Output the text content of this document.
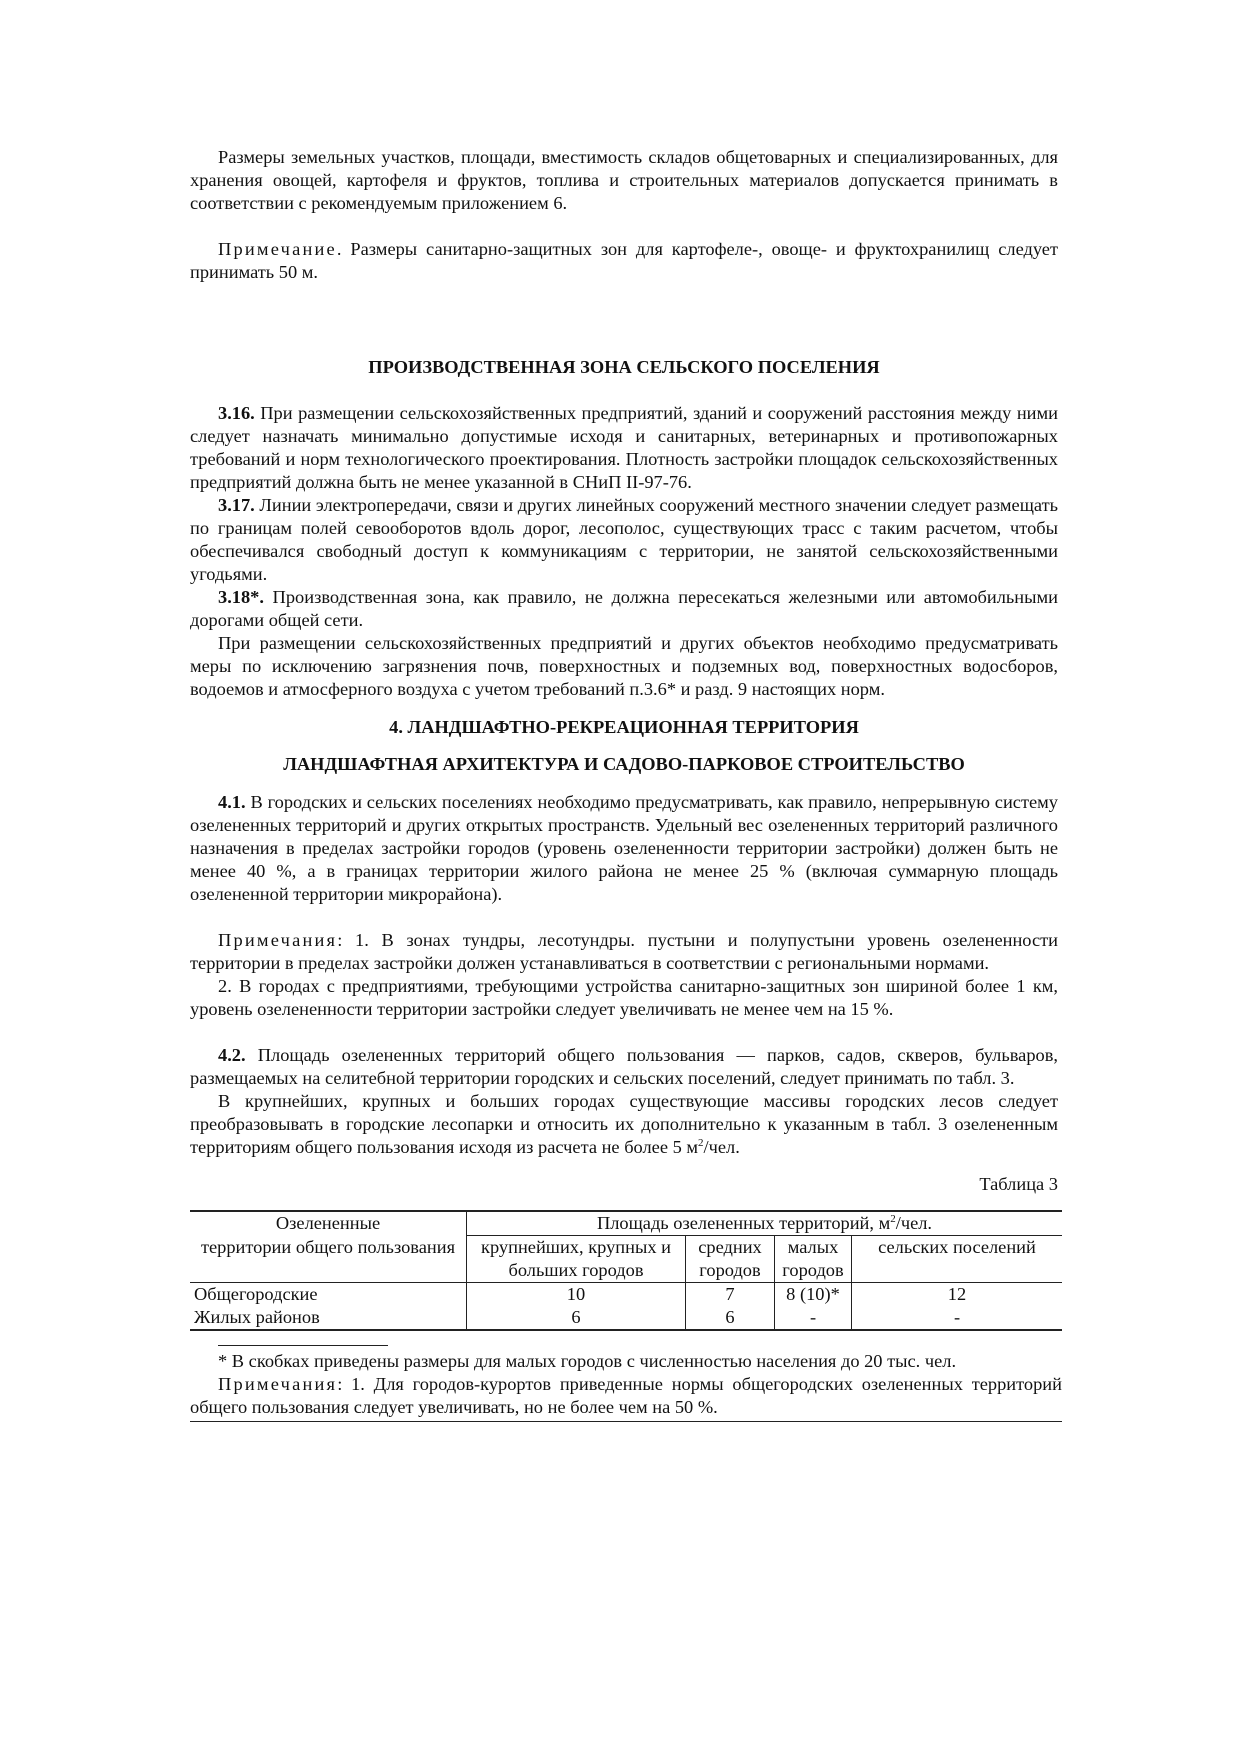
Размеры земельных участков, площади, вместимость складов общетоварных и специализированных, для хранения овощей, картофеля и фруктов, топлива и строительных материалов допускается принимать в соответствии с рекомендуемым приложением 6.

Примечание. Размеры санитарно-защитных зон для картофеле-, овоще- и фруктохранилищ следует принимать 50 м.

ПРОИЗВОДСТВЕННАЯ ЗОНА СЕЛЬСКОГО ПОСЕЛЕНИЯ

3.16. При размещении сельскохозяйственных предприятий, зданий и сооружений расстояния между ними следует назначать минимально допустимые исходя и санитарных, ветеринарных и противопожарных требований и норм технологического проектирования. Плотность застройки площадок сельскохозяйственных предприятий должна быть не менее указанной в СНиП II-97-76.

3.17. Линии электропередачи, связи и других линейных сооружений местного значении следует размещать по границам полей севооборотов вдоль дорог, лесополос, существующих трасс с таким расчетом, чтобы обеспечивался свободный доступ к коммуникациям с территории, не занятой сельскохозяйственными угодьями.

3.18*. Производственная зона, как правило, не должна пересекаться железными или автомобильными дорогами общей сети.

При размещении сельскохозяйственных предприятий и других объектов необходимо предусматривать меры по исключению загрязнения почв, поверхностных и подземных вод, поверхностных водосборов, водоемов и атмосферного воздуха с учетом требований п.3.6* и разд. 9 настоящих норм.

4. ЛАНДШАФТНО-РЕКРЕАЦИОННАЯ ТЕРРИТОРИЯ
ЛАНДШАФТНАЯ АРХИТЕКТУРА И САДОВО-ПАРКОВОЕ СТРОИТЕЛЬСТВО

4.1. В городских и сельских поселениях необходимо предусматривать, как правило, непрерывную систему озелененных территорий и других открытых пространств. Удельный вес озелененных территорий различного назначения в пределах застройки городов (уровень озелененности территории застройки) должен быть не менее 40 %, а в границах территории жилого района не менее 25 % (включая суммарную площадь озелененной территории микрорайона).

Примечания: 1. В зонах тундры, лесотундры. пустыни и полупустыни уровень озелененности территории в пределах застройки должен устанавливаться в соответствии с региональными нормами.

2. В городах с предприятиями, требующими устройства санитарно-защитных зон шириной более 1 км, уровень озелененности территории застройки следует увеличивать не менее чем на 15 %.

4.2. Площадь озелененных территорий общего пользования — парков, садов, скверов, бульваров, размещаемых на селитебной территории городских и сельских поселений, следует принимать по табл. 3.

В крупнейших, крупных и больших городах существующие массивы городских лесов следует преобразовывать в городские лесопарки и относить их дополнительно к указанным в табл. 3 озелененным территориям общего пользования исходя из расчета не более 5 $м^2$/чел.

Таблица 3

Озелененные	Площадь озелененных территорий, $м^2$/чел.			
территории общего пользования	крупнейших, крупных и больших городов	средних городов	малых городов	сельских поселений
Общегородские	10	7	8 (10)*	12
Жилых районов	6	6	-	-

* В скобках приведены размеры для малых городов с численностью населения до 20 тыс. чел.

Примечания: 1. Для городов-курортов приведенные нормы общегородских озелененных территорий общего пользования следует увеличивать, но не более чем на 50 %.
